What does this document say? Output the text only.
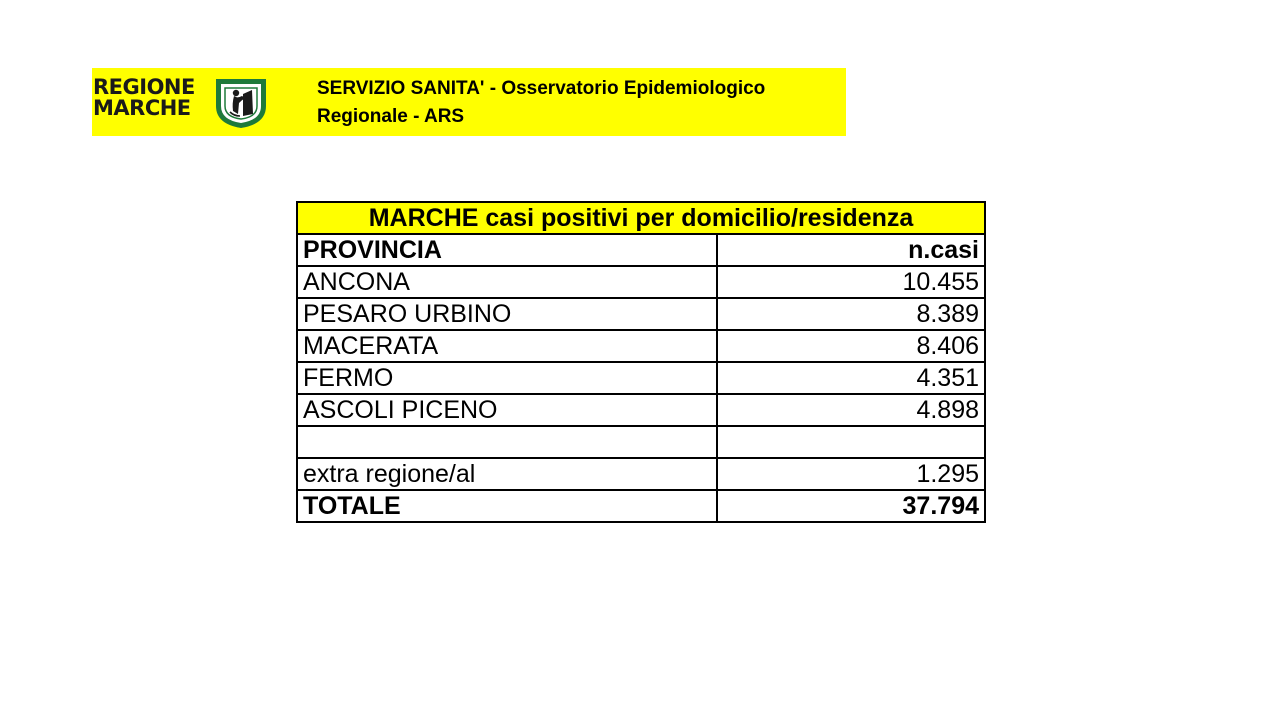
REGIONE
MARCHE
SERVIZIO SANITA' - Osservatorio Epidemiologico
Regionale - ARS
MARCHE casi positivi per domicilio/residenza	
PROVINCIA	n.casi
ANCONA	10.455
PESARO URBINO	8.389
MACERATA	8.406
FERMO	4.351
ASCOLI PICENO	4.898

extra regione/al	1.295
TOTALE	37.794
